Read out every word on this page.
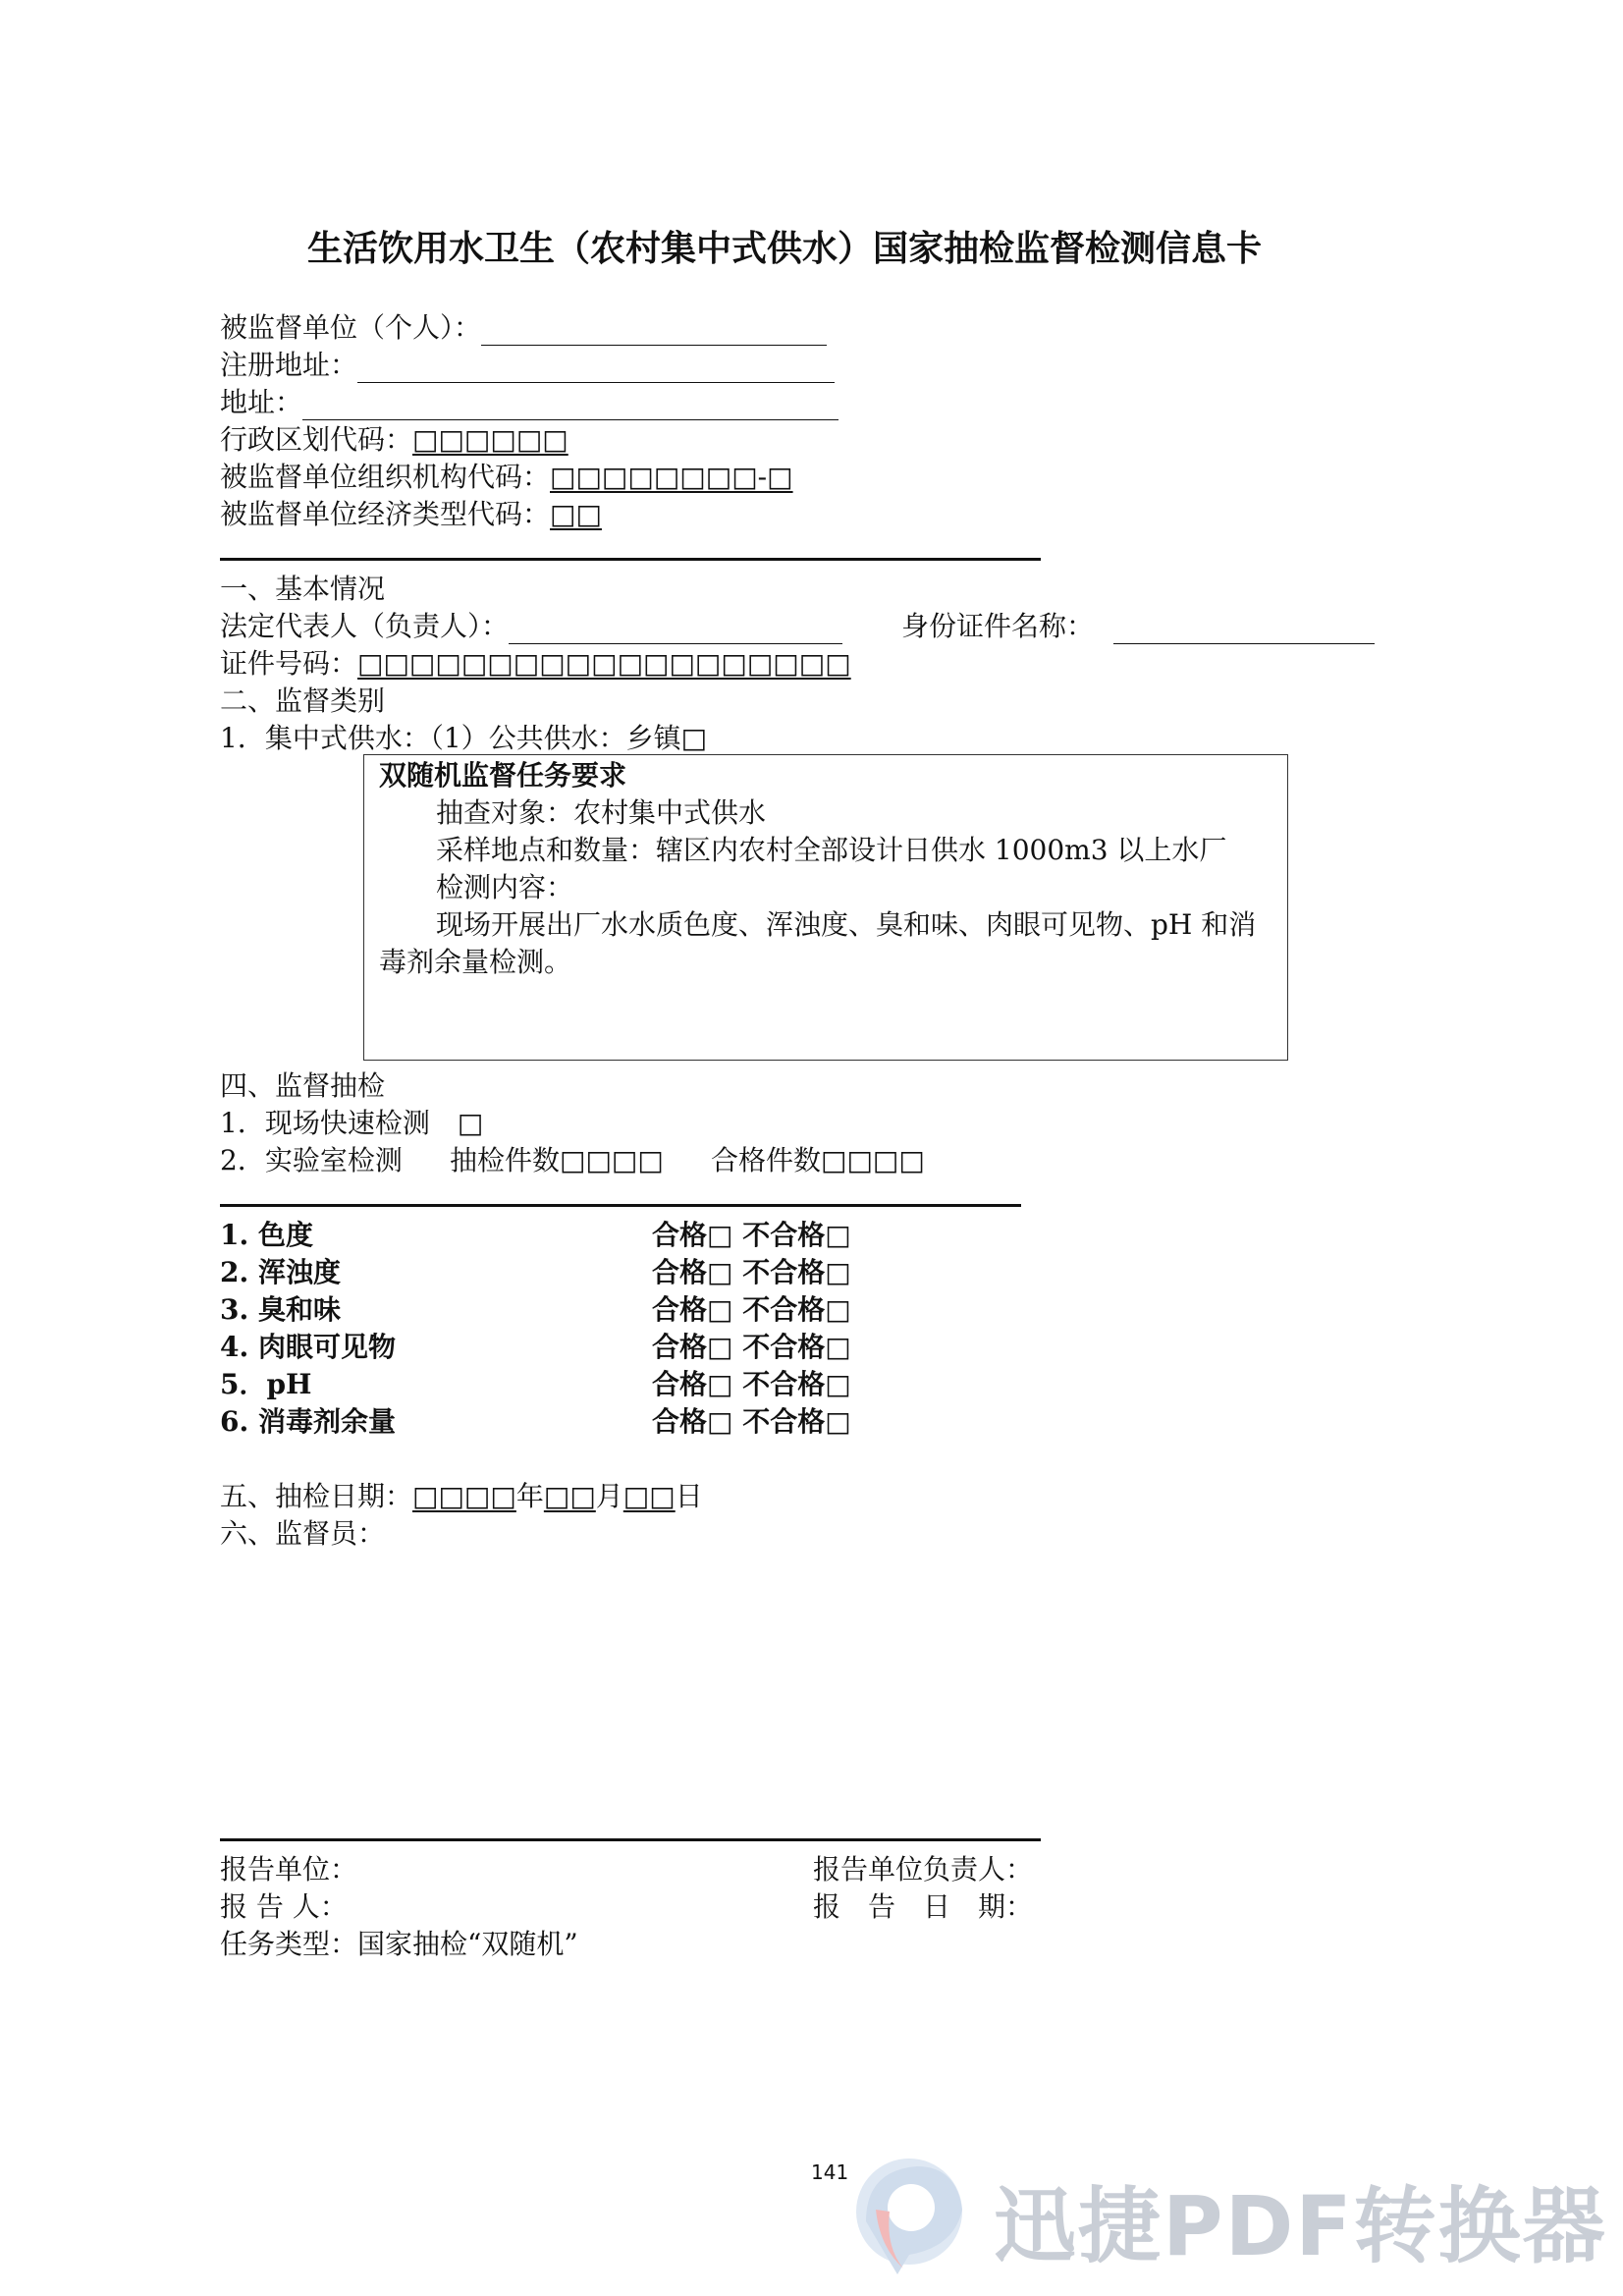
生活饮用水卫生（农村集中式供水）国家抽检监督检测信息卡
被监督单位（个人）：
注册地址：
地址：
行政区划代码：□□□□□□
被监督单位组织机构代码：□□□□□□□□-□
被监督单位经济类型代码：□□
一、基本情况
法定代表人（负责人）：	身份证件名称：
证件号码：□□□□□□□□□□□□□□□□□□□
二、监督类别
1．集中式供水：（1）公共供水：乡镇□
双随机监督任务要求
抽查对象：农村集中式供水
采样地点和数量：辖区内农村全部设计日供水 1000m3 以上水厂
检测内容：
现场开展出厂水水质色度、浑浊度、臭和味、肉眼可见物、pH 和消
毒剂余量检测。
四、监督抽检
1．现场快速检测　□
2．实验室检测 抽检件数□□□□ 合格件数□□□□
1. 色度	合格□ 不合格□
2. 浑浊度	合格□ 不合格□
3. 臭和味	合格□ 不合格□
4. 肉眼可见物	合格□ 不合格□
5．pH	合格□ 不合格□
6. 消毒剂余量	合格□ 不合格□
五、抽检日期：□□□□年□□月□□日
六、监督员：
报告单位：	报告单位负责人：
报 告 人：	报　告　日　期：
任务类型：国家抽检“双随机”
141
迅捷PDF转换器
